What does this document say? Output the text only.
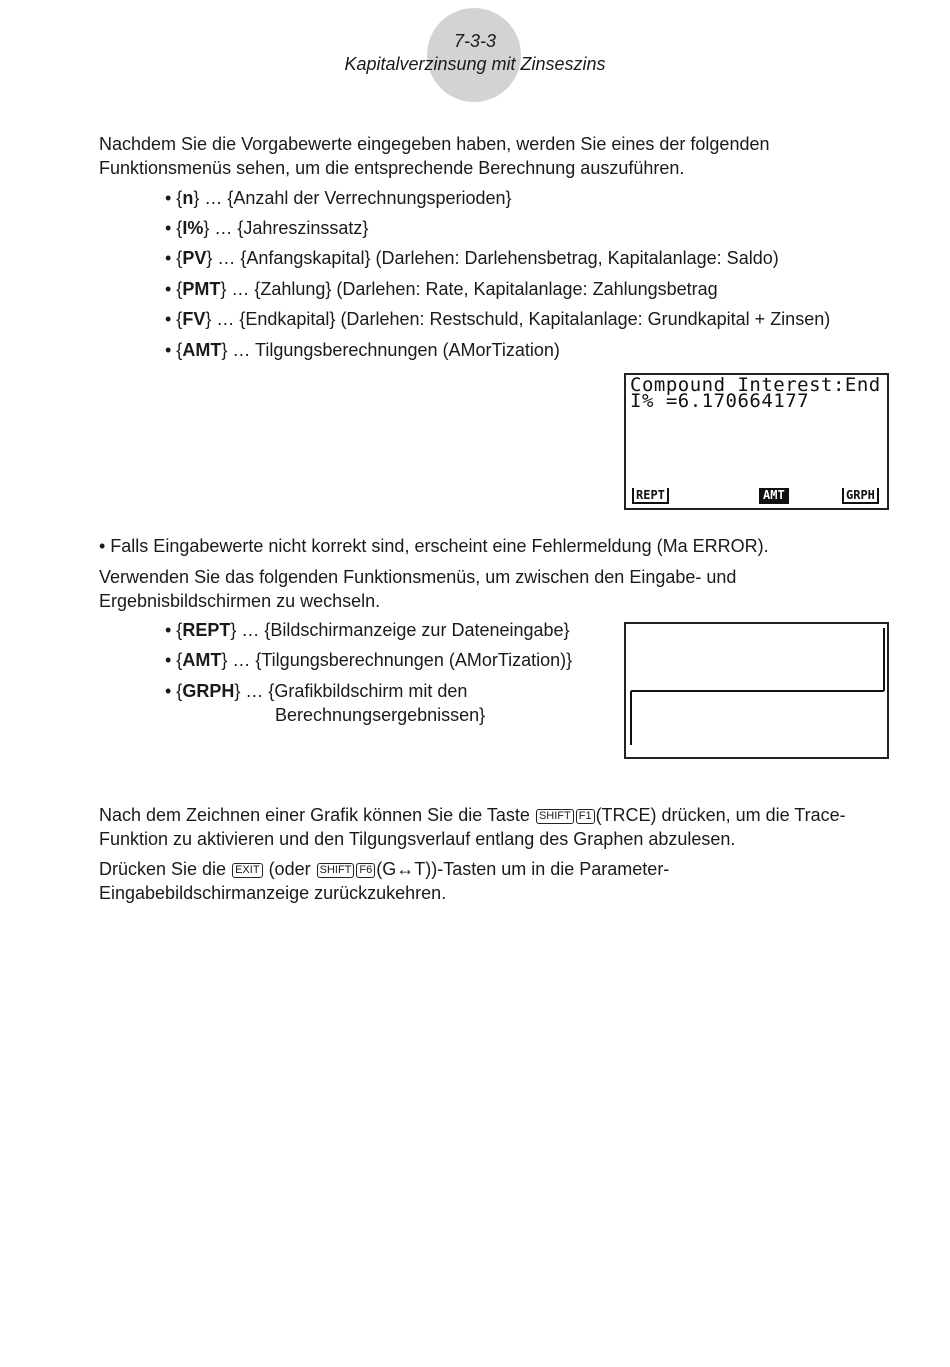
7-3-3
Kapitalverzinsung mit Zinseszins

Nachdem Sie die Vorgabewerte eingegeben haben, werden Sie eines der folgenden Funktionsmenüs sehen, um die entsprechende Berechnung auszuführen.

• {n} … {Anzahl der Verrechnungsperioden}
• {I%} … {Jahreszinssatz}
• {PV} … {Anfangskapital} (Darlehen: Darlehensbetrag, Kapitalanlage: Saldo)
• {PMT} … {Zahlung} (Darlehen: Rate, Kapitalanlage: Zahlungsbetrag
• {FV} … {Endkapital} (Darlehen: Restschuld, Kapitalanlage: Grundkapital + Zinsen)
• {AMT} … Tilgungsberechnungen (AMorTization)
Compound Interest:End
I% =6.170664177
REPT	AMT	GRPH

• Falls Eingabewerte nicht korrekt sind, erscheint eine Fehlermeldung (Ma ERROR).

Verwenden Sie das folgenden Funktionsmenüs, um zwischen den Eingabe- und Ergebnisbildschirmen zu wechseln.

• {REPT} … {Bildschirmanzeige zur Dateneingabe}
• {AMT} … {Tilgungsberechnungen (AMorTization)}
• {GRPH} … {Grafikbildschirm mit den
Berechnungsergebnissen}

Nach dem Zeichnen einer Grafik können Sie die Taste SHIFT F1 (TRCE) drücken, um die Trace-Funktion zu aktivieren und den Tilgungsverlauf entlang des Graphen abzulesen.

Drücken Sie die EXIT (oder SHIFT F6 (G↔T))-Tasten um in die Parameter-Eingabebildschirmanzeige zurückzukehren.
